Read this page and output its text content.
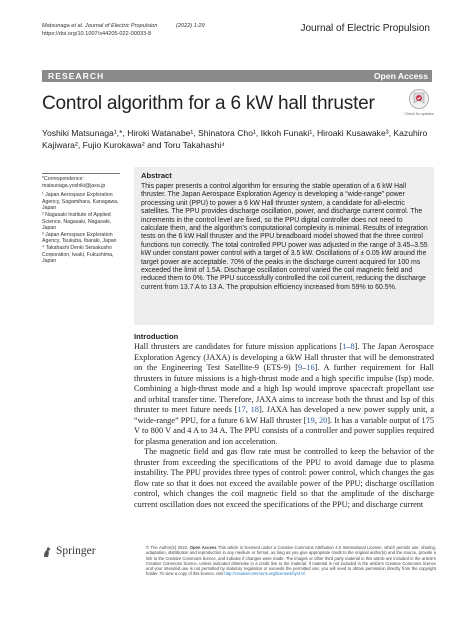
Matsunaga et al. Journal of Electric Propulsion	(2022) 1:29
https://doi.org/10.1007/s44205-022-00033-8	Journal of Electric Propulsion
RESEARCH	Open Access
Control algorithm for a 6 kW hall thruster	Check for updates
Yoshiki Matsunaga¹,*, Hiroki Watanabe¹, Shinatora Cho¹, Ikkoh Funaki¹, Hiroaki Kusawake³, Kazuhiro Kajiwara², Fujio Kurokawa² and Toru Takahashi⁴
*Correspondence:
matsunaga.yoshiki@jaxa.jp
¹ Japan Aerospace Exploration Agency, Sagamihara, Kanagawa, Japan
² Nagasaki Institute of Applied Science, Nagasaki, Nagasaki, Japan
³ Japan Aerospace Exploration Agency, Tsukuba, Ibaraki, Japan
⁴ Takahashi Denki Seisakusho Corporation, Iwaki, Fukushima, Japan
Abstract
This paper presents a control algorithm for ensuring the stable operation of a 6 kW Hall thruster. The Japan Aerospace Exploration Agency is developing a “wide-range” power processing unit (PPU) to power a 6 kW Hall thruster system, a candidate for all-electric satellites. The PPU provides discharge oscillation, power, and discharge current control. The increments in the control level are fixed, so the PPU digital controller does not need to calculate them, and the algorithm’s computational complexity is minimal. Results of integration tests on the 6 kW Hall thruster and the PPU breadboard model showed that the three control functions run correctly. The total controlled PPU power was adjusted in the range of 3.45–3.55 kW under constant power control with a target of 3.5 kW. Oscillations of ± 0.05 kW around the target power are acceptable. 70% of the peaks in the discharge current acquired for 100 ms exceeded the limit of 1.5A. Discharge oscillation control varied the coil magnetic field and reduced them to 0%. The PPU successfully controlled the coil current, reducing the discharge current from 13.7 A to 13 A. The propulsion efficiency increased from 59% to 60.5%.
Introduction

Hall thrusters are candidates for future mission applications [1–8]. The Japan Aerospace Exploration Agency (JAXA) is developing a 6kW Hall thruster that will be demonstrated on the Engineering Test Satellite-9 (ETS-9) [9–16]. A further requirement for Hall thrusters in future missions is a high-thrust mode and a high specific impulse (Isp) mode. Combining a high-thrust mode and a high Isp would improve spacecraft propellant use and orbital transfer time. Therefore, JAXA aims to increase both the thrust and Isp of this thruster to meet future needs [17, 18]. JAXA has developed a new power supply unit, a “wide-range” PPU, for a future 6 kW Hall thruster [19, 20]. It has a variable output of 175 V to 800 V and 4 A to 34 A. The PPU consists of a controller and power supplies required for plasma generation and ion acceleration.

The magnetic field and gas flow rate must be controlled to keep the behavior of the thruster from exceeding the specifications of the PPU to avoid damage due to plasma instability. The PPU provides three types of control: power control, which changes the gas flow rate so that it does not exceed the available power of the PPU; discharge oscillation control, which changes the coil magnetic field so that the amplitude of the discharge current oscillation does not exceed the specifications of the PPU; and discharge current

Springer	© The Author(s) 2022. Open Access This article is licensed under a Creative Commons Attribution 4.0 International License, which permits use, sharing, adaptation, distribution and reproduction in any medium or format, as long as you give appropriate credit to the original author(s) and the source, provide a link to the Creative Commons licence, and indicate if changes were made. The images or other third party material in this article are included in the article’s Creative Commons licence, unless indicated otherwise in a credit line to the material. If material is not included in the article’s Creative Commons licence and your intended use is not permitted by statutory regulation or exceeds the permitted use, you will need to obtain permission directly from the copyright holder. To view a copy of this licence, visit http://creativecommons.org/licenses/by/4.0/.
